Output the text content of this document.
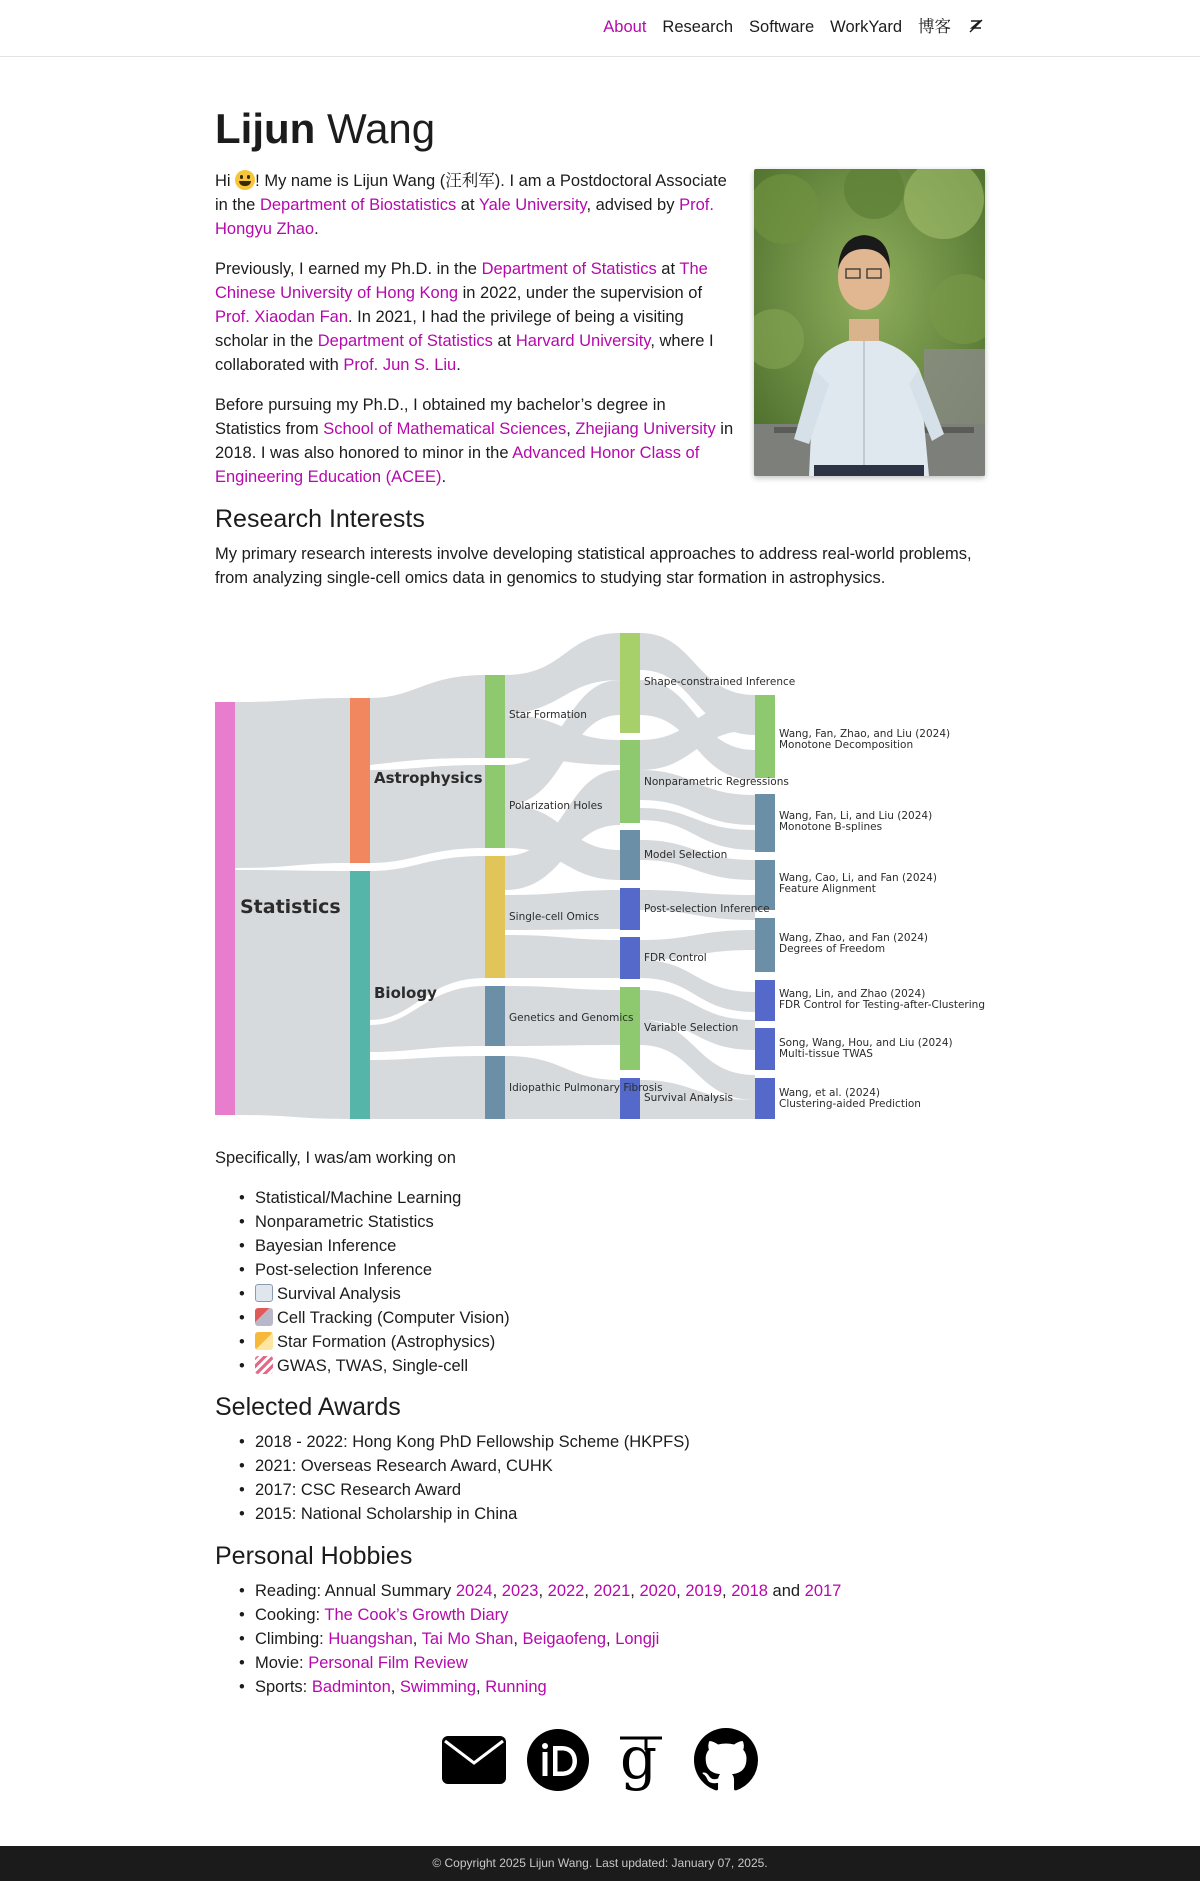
About Research Software WorkYard 博客
Lijun Wang

Hi
! My name is Lijun Wang (汪利军). I am a Postdoctoral Associate in the Department of Biostatistics at Yale University, advised by Prof. Hongyu Zhao.

Previously, I earned my Ph.D. in the Department of Statistics at The Chinese University of Hong Kong in 2022, under the supervision of Prof. Xiaodan Fan. In 2021, I had the privilege of being a visiting scholar in the Department of Statistics at Harvard University, where I collaborated with Prof. Jun S. Liu.

Before pursuing my Ph.D., I obtained my bachelor’s degree in Statistics from School of Mathematical Sciences, Zhejiang University in 2018. I was also honored to minor in the Advanced Honor Class of Engineering Education (ACEE).

Research Interests

My primary research interests involve developing statistical approaches to address real-world problems, from analyzing single-cell omics data in genomics to studying star formation in astrophysics.

Statistics
Astrophysics
Biology
Star Formation
Polarization Holes
Single-cell Omics
Genetics and Genomics
Idiopathic Pulmonary Fibrosis
Shape-constrained Inference
Nonparametric Regressions
Model Selection
Post-selection Inference
FDR Control
Variable Selection
Survival Analysis
Wang, Fan, Zhao, and Liu (2024)
Monotone Decomposition
Wang, Fan, Li, and Liu (2024)
Monotone B-splines
Wang, Cao, Li, and Fan (2024)
Feature Alignment
Wang, Zhao, and Fan (2024)
Degrees of Freedom
Wang, Lin, and Zhao (2024)
FDR Control for Testing-after-Clustering
Song, Wang, Hou, and Liu (2024)
Multi-tissue TWAS
Wang, et al. (2024)
Clustering-aided Prediction

Specifically, I was/am working on

• Statistical/Machine Learning
• Nonparametric Statistics
• Bayesian Inference
• Post-selection Inference
• Survival Analysis
• Cell Tracking (Computer Vision)
• Star Formation (Astrophysics)
• GWAS, TWAS, Single-cell
Selected Awards
• 2018 - 2022: Hong Kong PhD Fellowship Scheme (HKPFS)
• 2021: Overseas Research Award, CUHK
• 2017: CSC Research Award
• 2015: National Scholarship in China
Personal Hobbies
• Reading: Annual Summary 2024, 2023, 2022, 2021, 2020, 2019, 2018 and 2017
• Cooking: The Cook’s Growth Diary
• Climbing: Huangshan, Tai Mo Shan, Beigaofeng, Longji
• Movie: Personal Film Review
• Sports: Badminton, Swimming, Running
g
© Copyright 2025 Lijun Wang. Last updated: January 07, 2025.
